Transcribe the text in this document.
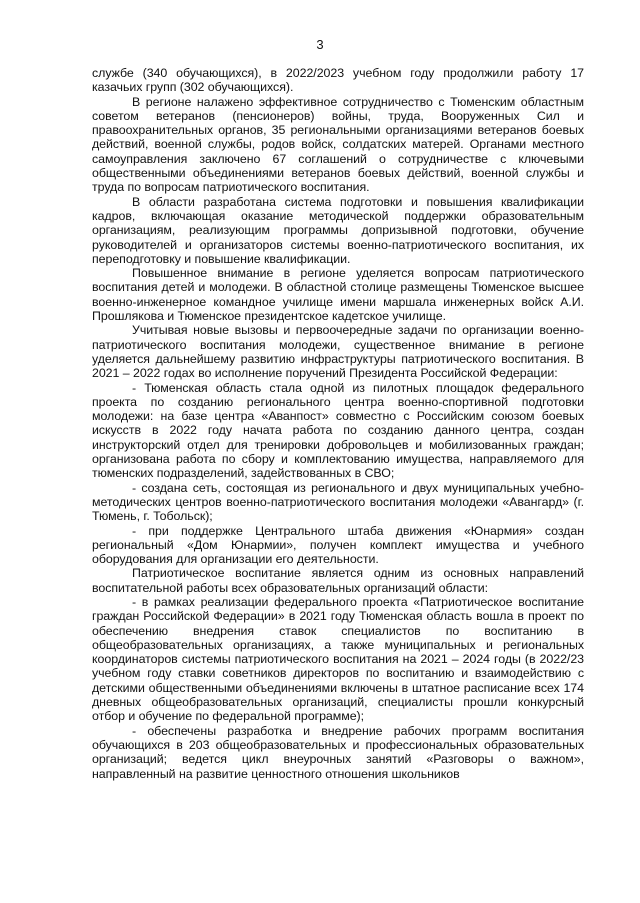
3

службе (340 обучающихся), в 2022/2023 учебном году продолжили работу 17 казачьих групп (302 обучающихся).

В регионе налажено эффективное сотрудничество с Тюменским областным советом ветеранов (пенсионеров) войны, труда, Вооруженных Сил и правоохранительных органов, 35 региональными организациями ветеранов боевых действий, военной службы, родов войск, солдатских матерей. Органами местного самоуправления заключено 67 соглашений о сотрудничестве с ключевыми общественными объединениями ветеранов боевых действий, военной службы и труда по вопросам патриотического воспитания.

В области разработана система подготовки и повышения квалификации кадров, включающая оказание методической поддержки образовательным организациям, реализующим программы допризывной подготовки, обучение руководителей и организаторов системы военно-патриотического воспитания, их переподготовку и повышение квалификации.

Повышенное внимание в регионе уделяется вопросам патриотического воспитания детей и молодежи. В областной столице размещены Тюменское высшее военно-инженерное командное училище имени маршала инженерных войск А.И. Прошлякова и Тюменское президентское кадетское училище.

Учитывая новые вызовы и первоочередные задачи по организации военно-патриотического воспитания молодежи, существенное внимание в регионе уделяется дальнейшему развитию инфраструктуры патриотического воспитания. В 2021 – 2022 годах во исполнение поручений Президента Российской Федерации:

- Тюменская область стала одной из пилотных площадок федерального проекта по созданию регионального центра военно-спортивной подготовки молодежи: на базе центра «Аванпост» совместно с Российским союзом боевых искусств в 2022 году начата работа по созданию данного центра, создан инструкторский отдел для тренировки добровольцев и мобилизованных граждан; организована работа по сбору и комплектованию имущества, направляемого для тюменских подразделений, задействованных в СВО;

- создана сеть, состоящая из регионального и двух муниципальных учебно-методических центров военно-патриотического воспитания молодежи «Авангард» (г. Тюмень, г. Тобольск);

- при поддержке Центрального штаба движения «Юнармия» создан региональный «Дом Юнармии», получен комплект имущества и учебного оборудования для организации его деятельности.

Патриотическое воспитание является одним из основных направлений воспитательной работы всех образовательных организаций области:

- в рамках реализации федерального проекта «Патриотическое воспитание граждан Российской Федерации» в 2021 году Тюменская область вошла в проект по обеспечению внедрения ставок специалистов по воспитанию в общеобразовательных организациях, а также муниципальных и региональных координаторов системы патриотического воспитания на 2021 – 2024 годы (в 2022/23 учебном году ставки советников директоров по воспитанию и взаимодействию с детскими общественными объединениями включены в штатное расписание всех 174 дневных общеобразовательных организаций, специалисты прошли конкурсный отбор и обучение по федеральной программе);

- обеспечены разработка и внедрение рабочих программ воспитания обучающихся в 203 общеобразовательных и профессиональных образовательных организаций; ведется цикл внеурочных занятий «Разговоры о важном», направленный на развитие ценностного отношения школьников
